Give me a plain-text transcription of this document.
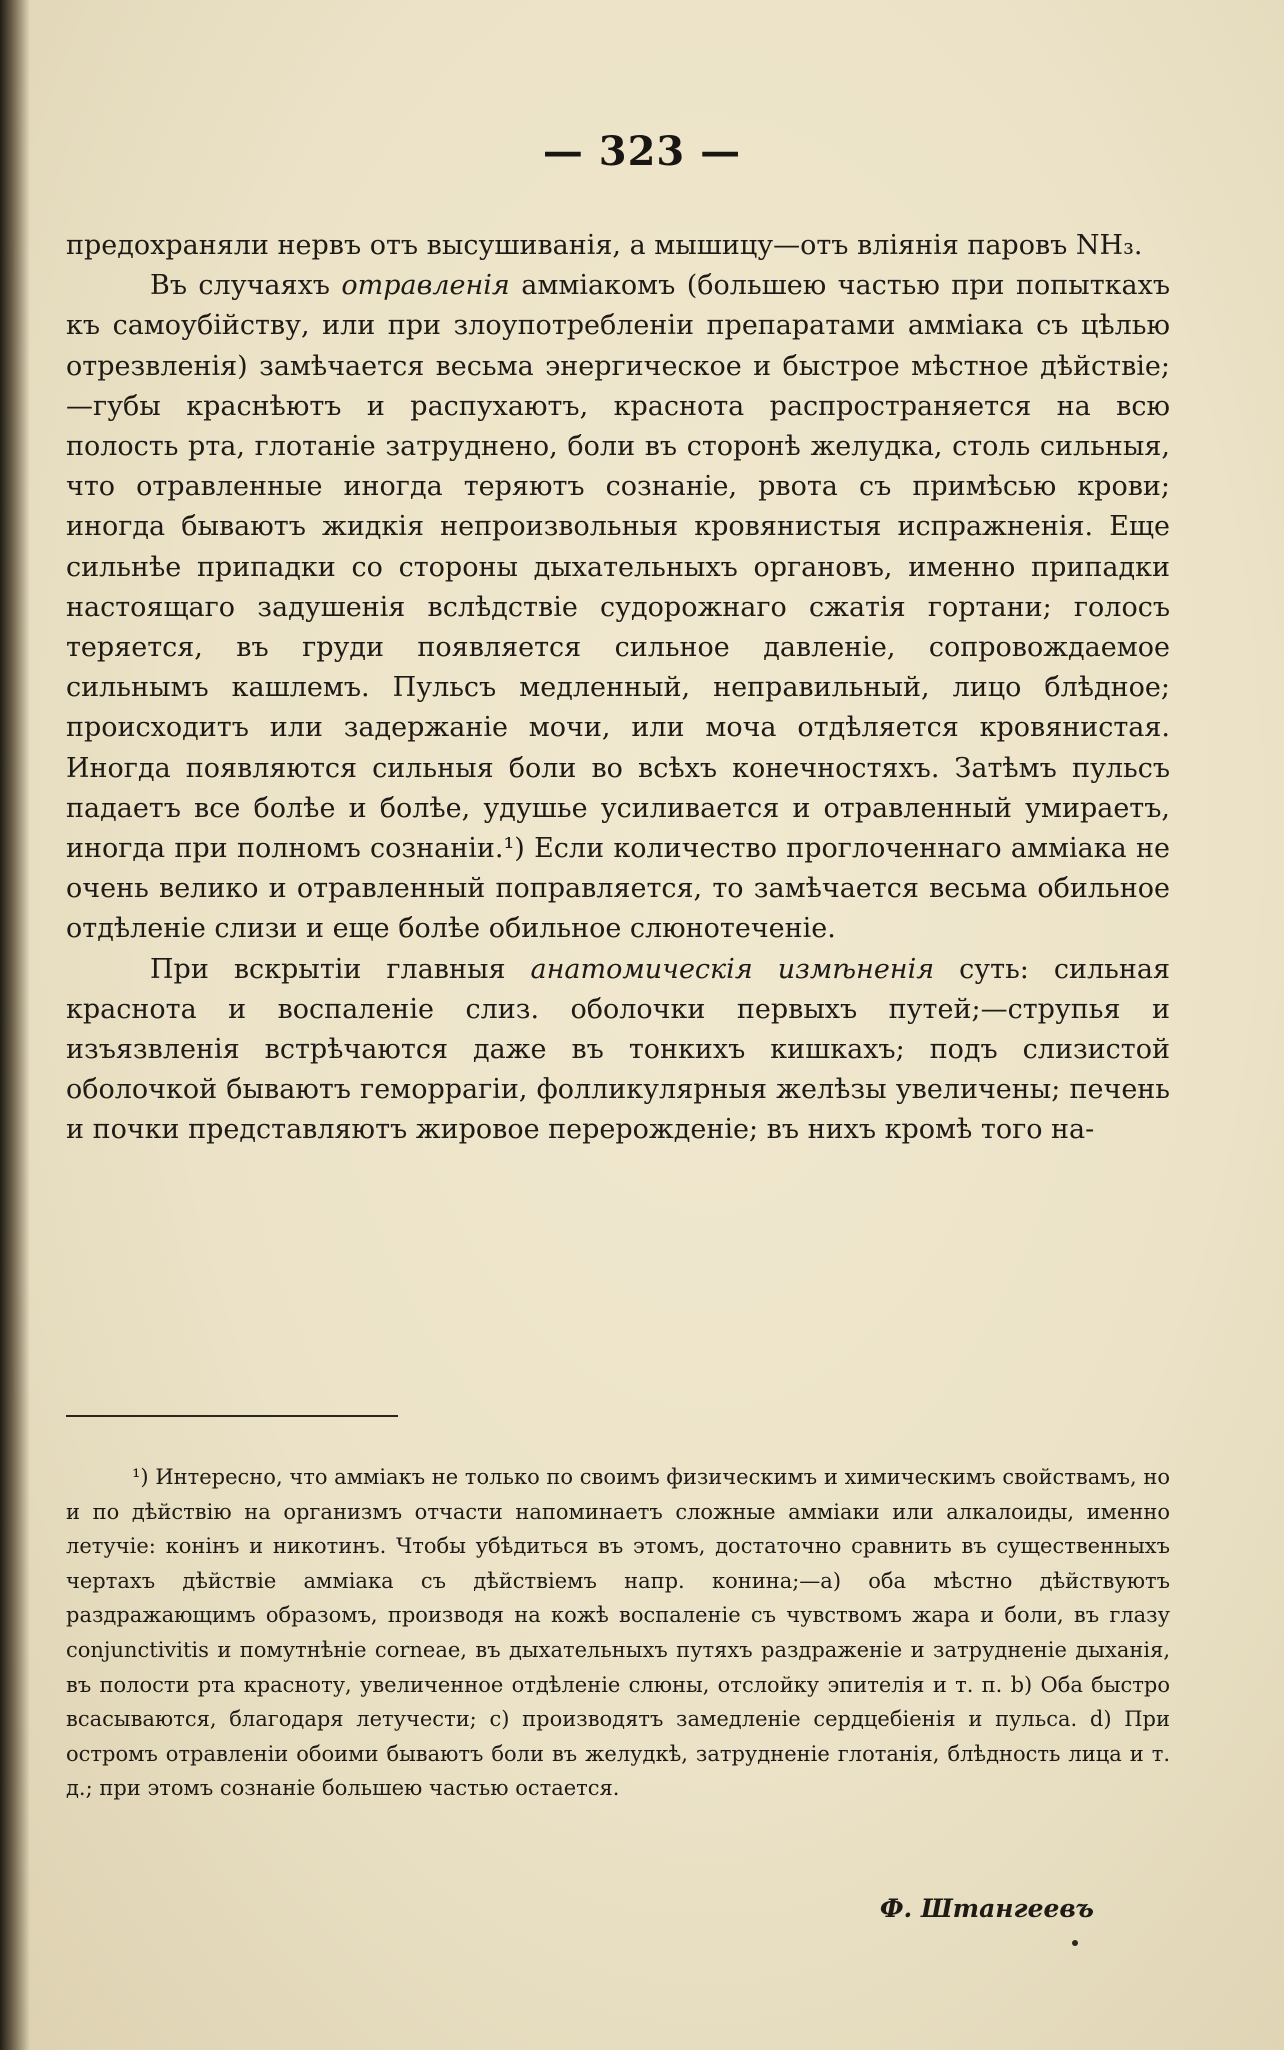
— 323 —

предохраняли нервъ отъ высушиванія, а мышицу—отъ вліянія паровъ NH₃.

Въ случаяхъ отравленія амміакомъ (большею частью при попыткахъ къ самоубійству, или при злоупотребленіи препаратами амміака съ цѣлью отрезвленія) замѣчается весьма энергическое и быстрое мѣстное дѣйствіе;—губы краснѣютъ и распухаютъ, краснота распространяется на всю полость рта, глотаніе затруднено, боли въ сторонѣ желудка, столь сильныя, что отравленные иногда теряютъ сознаніе, рвота съ примѣсью крови; иногда бываютъ жидкія непроизвольныя кровянистыя испражненія. Еще сильнѣе припадки со стороны дыхательныхъ органовъ, именно припадки настоящаго задушенія вслѣдствіе судорожнаго сжатія гортани; голосъ теряется, въ груди появляется сильное давленіе, сопровождаемое сильнымъ кашлемъ. Пульсъ медленный, неправильный, лицо блѣдное; происходитъ или задержаніе мочи, или моча отдѣляется кровянистая. Иногда появляются сильныя боли во всѣхъ конечностяхъ. Затѣмъ пульсъ падаетъ все болѣе и болѣе, удушье усиливается и отравленный умираетъ, иногда при полномъ сознаніи.¹) Если количество проглоченнаго амміака не очень велико и отравленный поправляется, то замѣчается весьма обильное отдѣленіе слизи и еще болѣе обильное слюнотеченіе.

При вскрытіи главныя анатомическія измѣненія суть: сильная краснота и воспаленіе слиз. оболочки первыхъ путей;—струпья и изъязвленія встрѣчаются даже въ тонкихъ кишкахъ; подъ слизистой оболочкой бываютъ геморрагіи, фолликулярныя желѣзы увеличены; печень и почки представляютъ жировое перерожденіе; въ нихъ кромѣ того на-

¹) Интересно, что амміакъ не только по своимъ физическимъ и химическимъ свойствамъ, но и по дѣйствію на организмъ отчасти напоминаетъ сложные амміаки или алкалоиды, именно летучіе: конінъ и никотинъ. Чтобы убѣдиться въ этомъ, достаточно сравнить въ существенныхъ чертахъ дѣйствіе амміака съ дѣйствіемъ напр. конина;—a) оба мѣстно дѣйствуютъ раздражающимъ образомъ, производя на кожѣ воспаленіе съ чувствомъ жара и боли, въ глазу conjunctivitis и помутнѣніе corneae, въ дыхательныхъ путяхъ раздраженіе и затрудненіе дыханія, въ полости рта красноту, увеличенное отдѣленіе слюны, отслойку эпителія и т. п. b) Оба быстро всасываются, благодаря летучести; c) производятъ замедленіе сердцебіенія и пульса. d) При остромъ отравленіи обоими бываютъ боли въ желудкѣ, затрудненіе глотанія, блѣдность лица и т. д.; при этомъ сознаніе большею частью остается.

Ф. Штангеевъ
